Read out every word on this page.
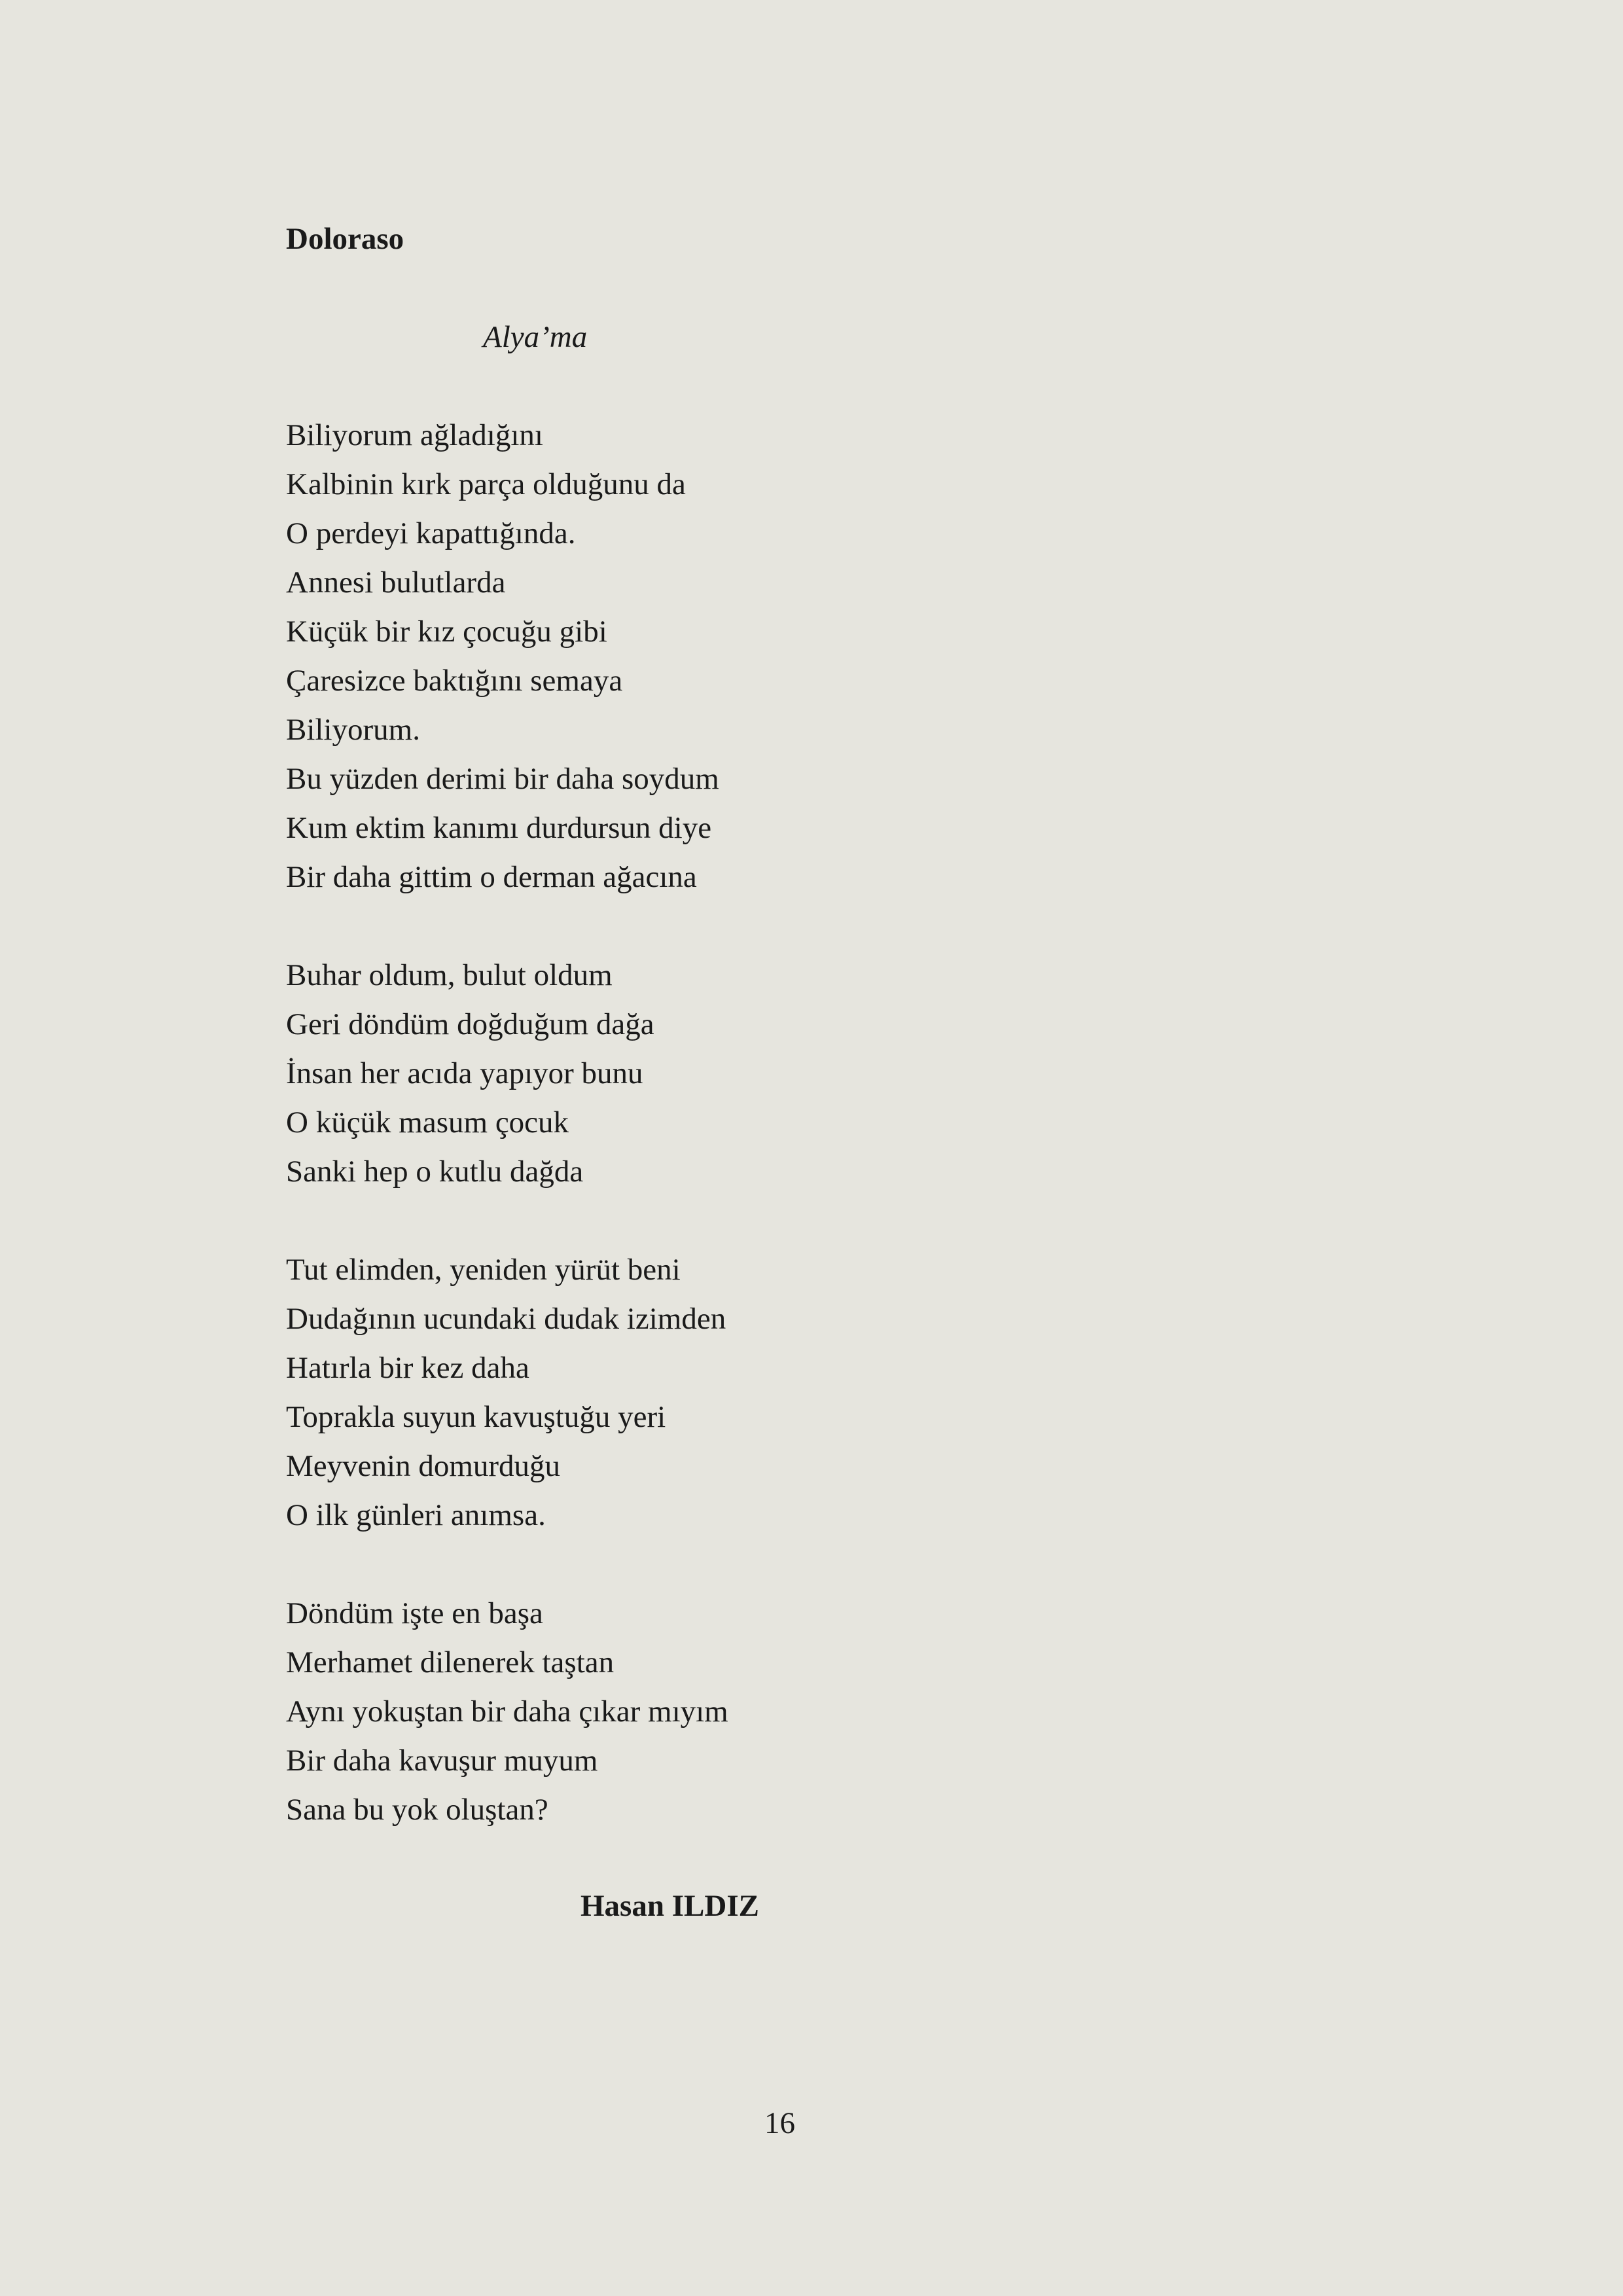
Doloraso

Alya’ma

Biliyorum ağladığını
Kalbinin kırk parça olduğunu da
O perdeyi kapattığında.
Annesi bulutlarda
Küçük bir kız çocuğu gibi
Çaresizce baktığını semaya
Biliyorum.
Bu yüzden derimi bir daha soydum
Kum ektim kanımı durdursun diye
Bir daha gittim o derman ağacına
Buhar oldum, bulut oldum
Geri döndüm doğduğum dağa
İnsan her acıda yapıyor bunu
O küçük masum çocuk
Sanki hep o kutlu dağda
Tut elimden, yeniden yürüt beni
Dudağının ucundaki dudak izimden
Hatırla bir kez daha
Toprakla suyun kavuştuğu yeri
Meyvenin domurduğu
O ilk günleri anımsa.
Döndüm işte en başa
Merhamet dilenerek taştan
Aynı yokuştan bir daha çıkar mıyım
Bir daha kavuşur muyum
Sana bu yok oluştan?

Hasan ILDIZ

16
